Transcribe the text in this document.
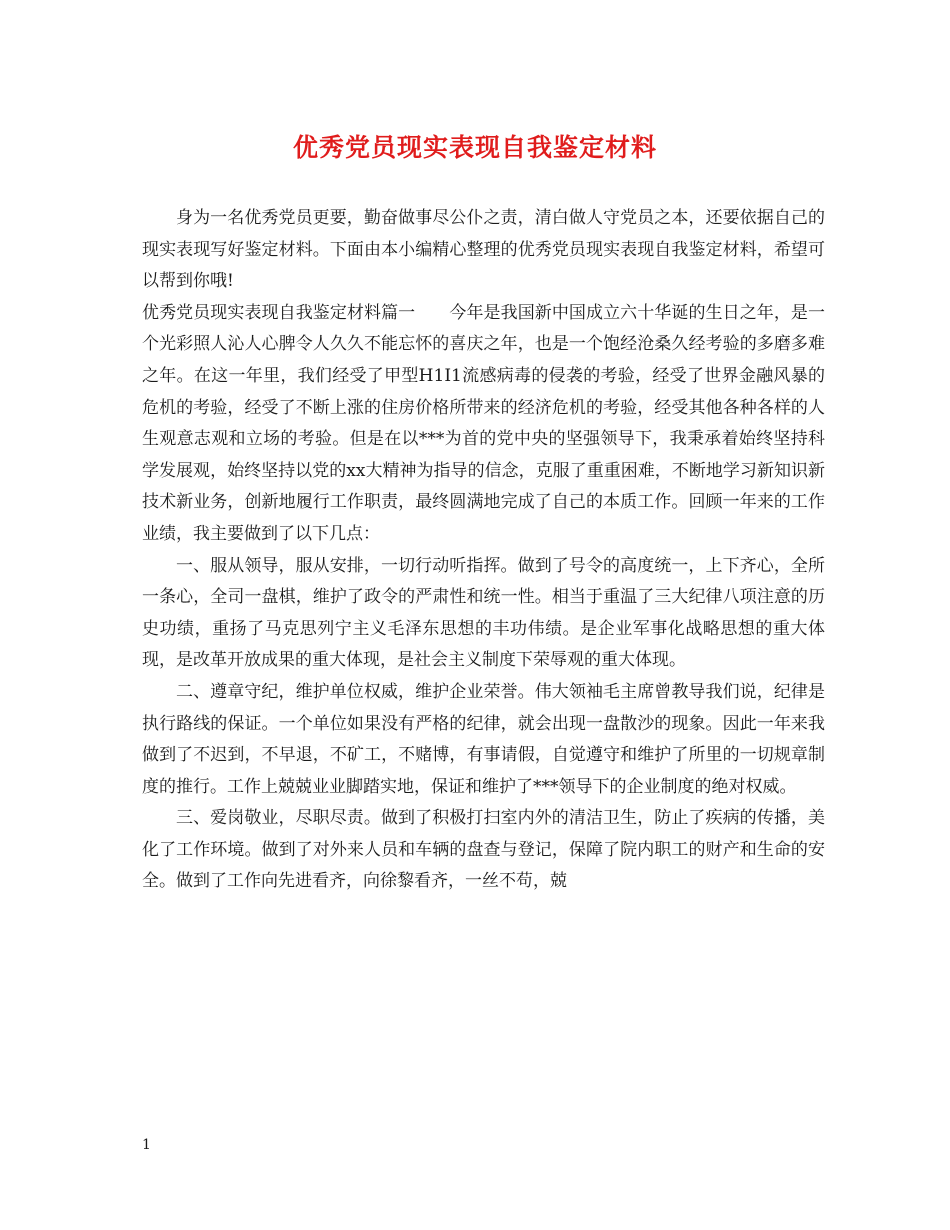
优秀党员现实表现自我鉴定材料

身为一名优秀党员更要，勤奋做事尽公仆之责，清白做人守党员之本，还要依据自己的现实表现写好鉴定材料。下面由本小编精心整理的优秀党员现实表现自我鉴定材料，希望可以帮到你哦!

优秀党员现实表现自我鉴定材料篇一　　今年是我国新中国成立六十华诞的生日之年，是一个光彩照人沁人心脾令人久久不能忘怀的喜庆之年，也是一个饱经沧桑久经考验的多磨多难之年。在这一年里，我们经受了甲型H1I1流感病毒的侵袭的考验，经受了世界金融风暴的危机的考验，经受了不断上涨的住房价格所带来的经济危机的考验，经受其他各种各样的人生观意志观和立场的考验。但是在以***为首的党中央的坚强领导下，我秉承着始终坚持科学发展观，始终坚持以党的xx大精神为指导的信念，克服了重重困难，不断地学习新知识新技术新业务，创新地履行工作职责，最终圆满地完成了自己的本质工作。回顾一年来的工作业绩，我主要做到了以下几点：

一、服从领导，服从安排，一切行动听指挥。做到了号令的高度统一，上下齐心，全所一条心，全司一盘棋，维护了政令的严肃性和统一性。相当于重温了三大纪律八项注意的历史功绩，重扬了马克思列宁主义毛泽东思想的丰功伟绩。是企业军事化战略思想的重大体现，是改革开放成果的重大体现，是社会主义制度下荣辱观的重大体现。

二、遵章守纪，维护单位权威，维护企业荣誉。伟大领袖毛主席曾教导我们说，纪律是执行路线的保证。一个单位如果没有严格的纪律，就会出现一盘散沙的现象。因此一年来我做到了不迟到，不早退，不矿工，不赌博，有事请假，自觉遵守和维护了所里的一切规章制度的推行。工作上兢兢业业脚踏实地，保证和维护了***领导下的企业制度的绝对权威。

三、爱岗敬业，尽职尽责。做到了积极打扫室内外的清洁卫生，防止了疾病的传播，美化了工作环境。做到了对外来人员和车辆的盘查与登记，保障了院内职工的财产和生命的安全。做到了工作向先进看齐，向徐黎看齐，一丝不苟，兢

1
